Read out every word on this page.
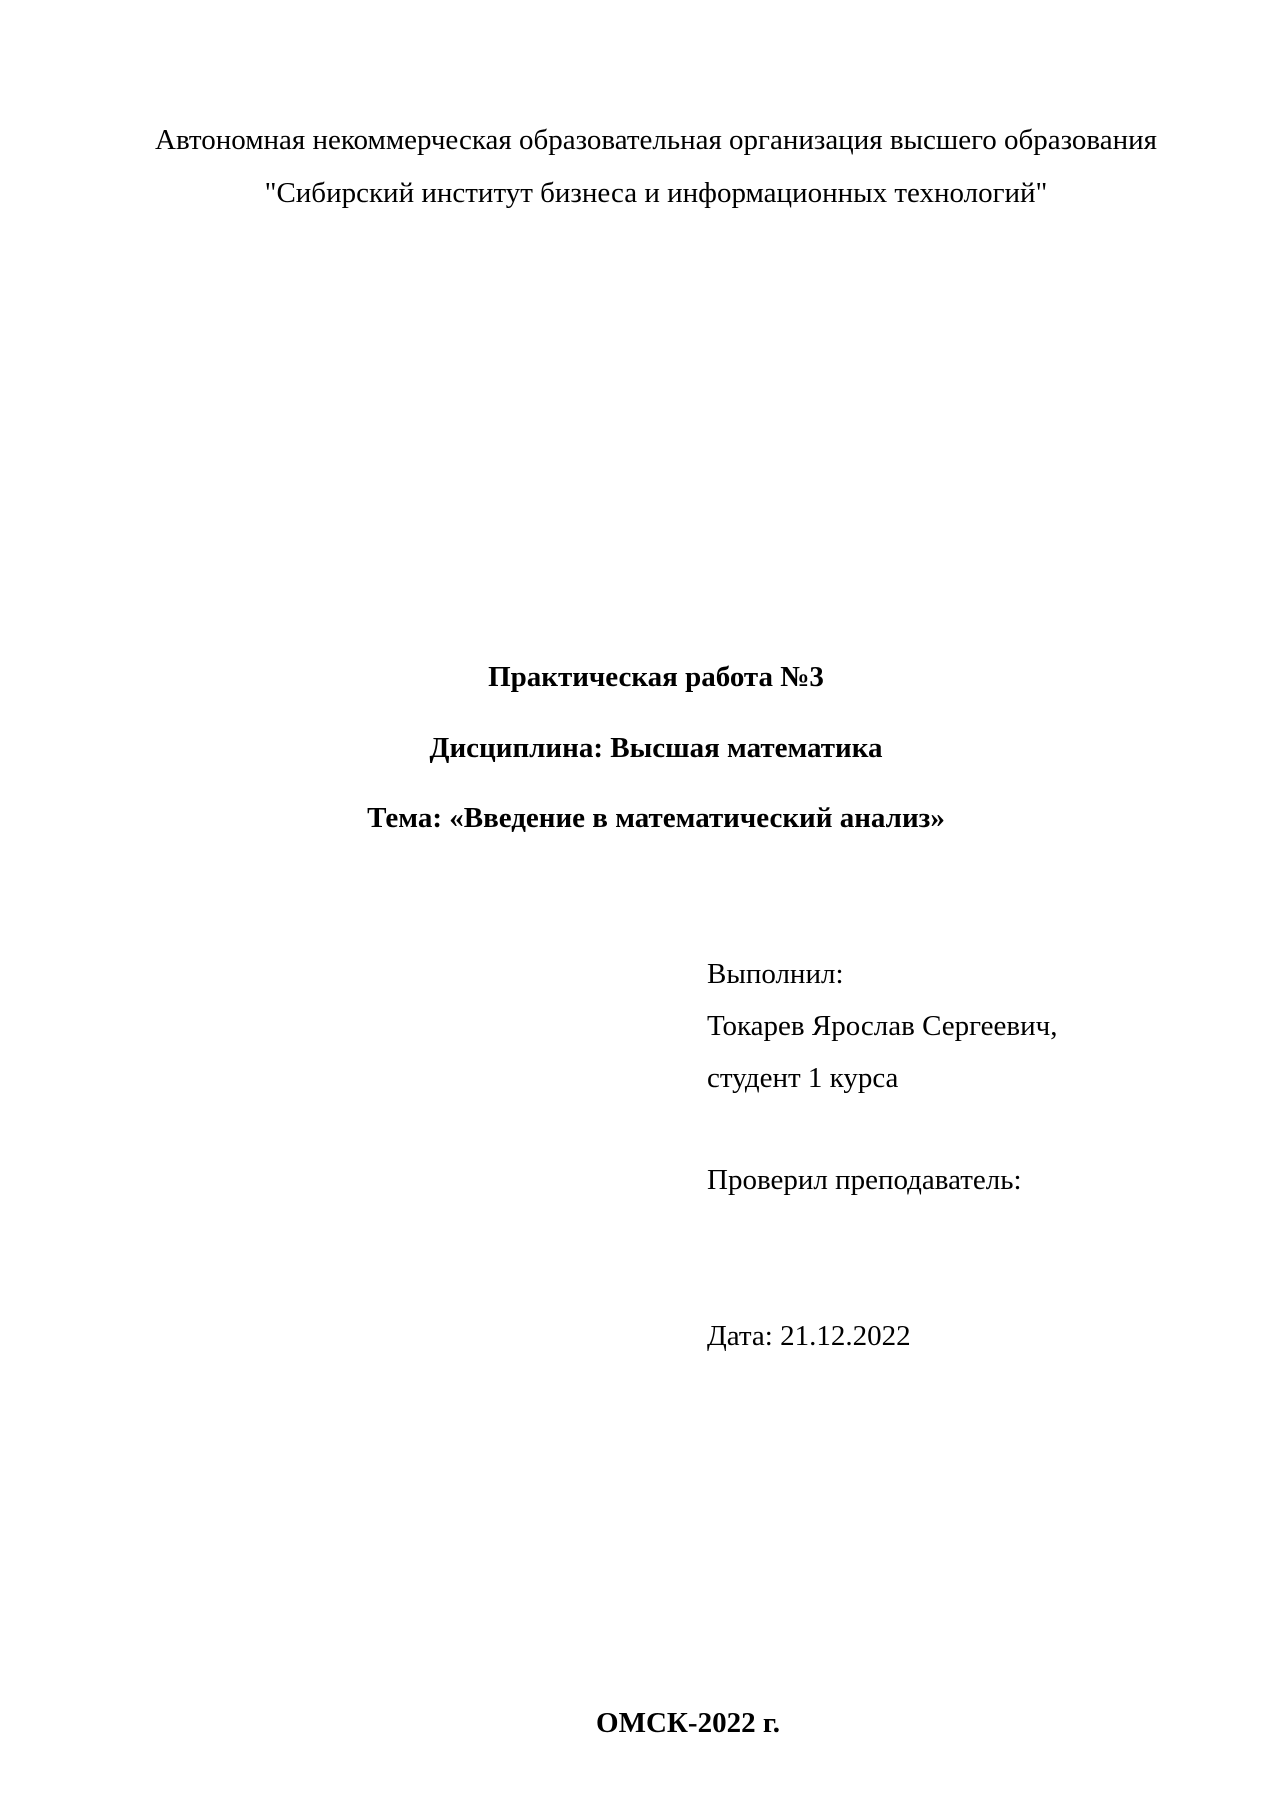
Автономная некоммерческая образовательная организация высшего образования
"Сибирский институт бизнеса и информационных технологий"
Практическая работа №3
Дисциплина: Высшая математика
Тема: «Введение в математический анализ»
Выполнил:
Токарев Ярослав Сергеевич,
студент 1 курса
Проверил преподаватель:
Дата: 21.12.2022
ОМСК-2022 г.
